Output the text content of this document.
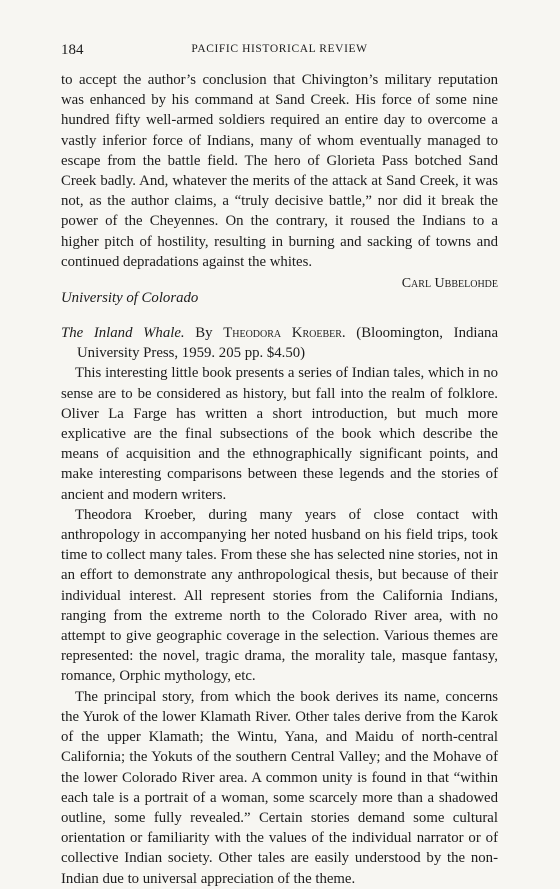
184	PACIFIC HISTORICAL REVIEW

to accept the author’s conclusion that Chivington’s military reputation was enhanced by his command at Sand Creek. His force of some nine hundred fifty well-armed soldiers required an entire day to overcome a vastly inferior force of Indians, many of whom eventually managed to escape from the battle field. The hero of Glorieta Pass botched Sand Creek badly. And, whatever the merits of the attack at Sand Creek, it was not, as the author claims, a “truly decisive battle,” nor did it break the power of the Cheyennes. On the contrary, it roused the Indians to a higher pitch of hostility, resulting in burning and sacking of towns and continued depradations against the whites.

Carl Ubbelohde
University of Colorado

The Inland Whale. By Theodora Kroeber. (Bloomington, Indiana University Press, 1959. 205 pp. $4.50)

This interesting little book presents a series of Indian tales, which in no sense are to be considered as history, but fall into the realm of folklore. Oliver La Farge has written a short introduction, but much more explicative are the final subsections of the book which describe the means of acquisition and the ethnographically significant points, and make interesting comparisons between these legends and the stories of ancient and modern writers.

Theodora Kroeber, during many years of close contact with anthropology in accompanying her noted husband on his field trips, took time to collect many tales. From these she has selected nine stories, not in an effort to demonstrate any anthropological thesis, but because of their individual interest. All represent stories from the California Indians, ranging from the extreme north to the Colorado River area, with no attempt to give geographic coverage in the selection. Various themes are represented: the novel, tragic drama, the morality tale, masque fantasy, romance, Orphic mythology, etc.

The principal story, from which the book derives its name, concerns the Yurok of the lower Klamath River. Other tales derive from the Karok of the upper Klamath; the Wintu, Yana, and Maidu of north-central California; the Yokuts of the southern Central Valley; and the Mohave of the lower Colorado River area. A common unity is found in that “within each tale is a portrait of a woman, some scarcely more than a shadowed outline, some fully revealed.” Certain stories demand some cultural orientation or familiarity with the values of the individual narrator or of collective Indian society. Other tales are easily understood by the non-Indian due to universal appreciation of the theme.
